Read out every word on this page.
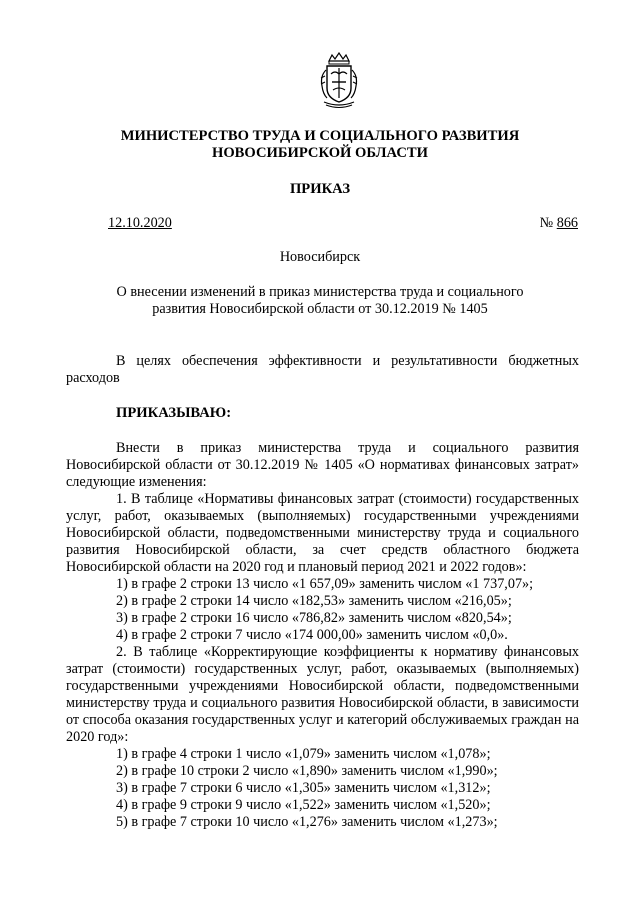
МИНИСТЕРСТВО ТРУДА И СОЦИАЛЬНОГО РАЗВИТИЯ
НОВОСИБИРСКОЙ ОБЛАСТИ
ПРИКАЗ
12.10.2020	№ 866
Новосибирск
О внесении изменений в приказ министерства труда и социального
развития Новосибирской области от 30.12.2019 № 1405

В целях обеспечения эффективности и результативности бюджетных расходов

ПРИКАЗЫВАЮ:

Внести в приказ министерства труда и социального развития Новосибирской области от 30.12.2019 № 1405 «О нормативах финансовых затрат» следующие изменения:

1. В таблице «Нормативы финансовых затрат (стоимости) государственных услуг, работ, оказываемых (выполняемых) государственными учреждениями Новосибирской области, подведомственными министерству труда и социального развития Новосибирской области, за счет средств областного бюджета Новосибирской области на 2020 год и плановый период 2021 и 2022 годов»:

1) в графе 2 строки 13 число «1 657,09» заменить числом «1 737,07»;

2) в графе 2 строки 14 число «182,53» заменить числом «216,05»;

3) в графе 2 строки 16 число «786,82» заменить числом «820,54»;

4) в графе 2 строки 7 число «174 000,00» заменить числом «0,0».

2. В таблице «Корректирующие коэффициенты к нормативу финансовых затрат (стоимости) государственных услуг, работ, оказываемых (выполняемых) государственными учреждениями Новосибирской области, подведомственными министерству труда и социального развития Новосибирской области, в зависимости от способа оказания государственных услуг и категорий обслуживаемых граждан на 2020 год»:

1) в графе 4 строки 1 число «1,079» заменить числом «1,078»;

2) в графе 10 строки 2 число «1,890» заменить числом «1,990»;

3) в графе 7 строки 6 число «1,305» заменить числом «1,312»;

4) в графе 9 строки 9 число «1,522» заменить числом «1,520»;

5) в графе 7 строки 10 число «1,276» заменить числом «1,273»;
